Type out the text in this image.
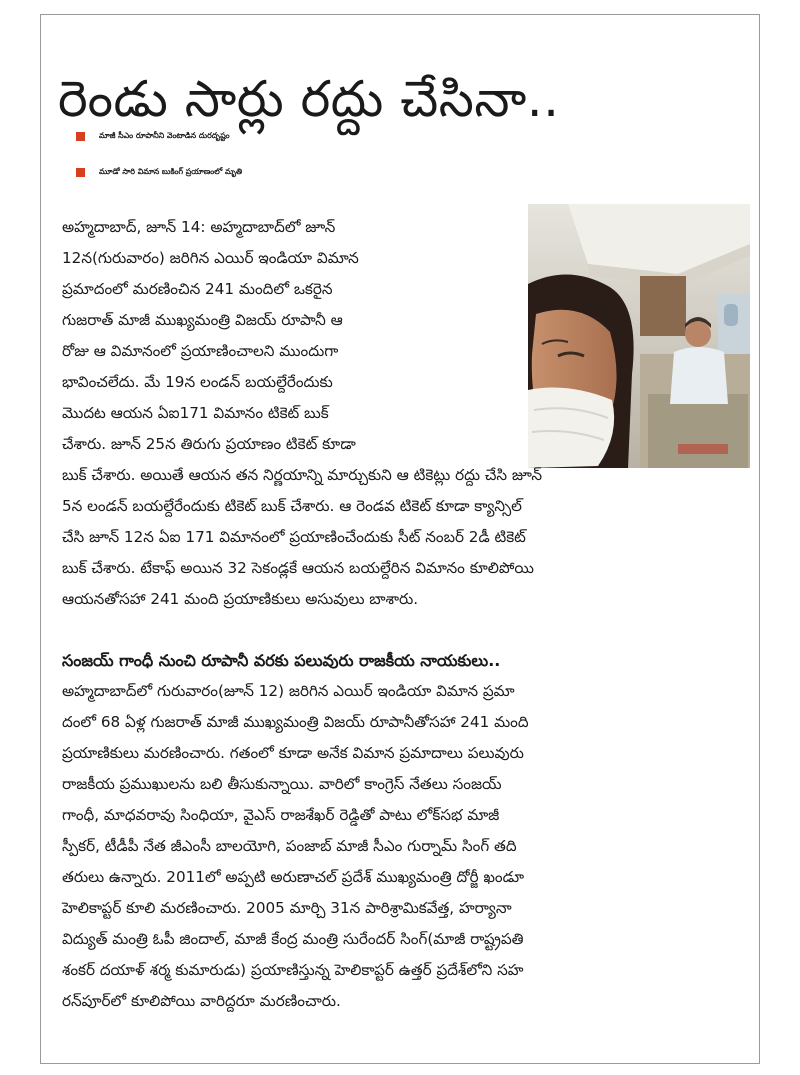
రెండు సార్లు రద్దు చేసినా..
మాజీ సీఎం రూపానీని వెంటాడిన దురదృష్టం
మూడో సారి విమాన బుకింగ్ ప్రయాణంలో మృతి
అహ్మదాబాద్, జూన్ 14: అహ్మదాబాద్‌లో జూన్
12న(గురువారం) జరిగిన ఎయిర్ ఇండియా విమాన
ప్రమాదంలో మరణించిన 241 మందిలో ఒకరైన
గుజరాత్ మాజీ ముఖ్యమంత్రి విజయ్ రూపానీ ఆ
రోజు ఆ విమానంలో ప్రయాణించాలని ముందుగా
భావించలేదు. మే 19న లండన్ బయల్దేరేందుకు
మొదట ఆయన ఏఐ171 విమానం టికెట్ బుక్
చేశారు. జూన్ 25న తిరుగు ప్రయాణం టికెట్ కూడా
బుక్ చేశారు. అయితే ఆయన తన నిర్ణయాన్ని మార్చుకుని ఆ టికెట్లు రద్దు చేసి జూన్
5న లండన్ బయల్దేరేందుకు టికెట్ బుక్ చేశారు. ఆ రెండవ టికెట్ కూడా క్యాన్సిల్
చేసి జూన్ 12న ఏఐ 171 విమానంలో ప్రయాణించేందుకు సీట్ నంబర్ 2డీ టికెట్
బుక్ చేశారు. టేకాఫ్ అయిన 32 సెకండ్లకే ఆయన బయల్దేరిన విమానం కూలిపోయి
ఆయనతోసహా 241 మంది ప్రయాణికులు అసువులు బాశారు.
సంజయ్ గాంధీ నుంచి రూపానీ వరకు పలువురు రాజకీయ నాయకులు..
అహ్మదాబాద్‌లో గురువారం(జూన్ 12) జరిగిన ఎయిర్ ఇండియా విమాన ప్రమా
దంలో 68 ఏళ్ల గుజరాత్ మాజీ ముఖ్యమంత్రి విజయ్ రూపానీతోసహా 241 మంది
ప్రయాణికులు మరణించారు. గతంలో కూడా అనేక విమాన ప్రమాదాలు పలువురు
రాజకీయ ప్రముఖులను బలి తీసుకున్నాయి. వారిలో కాంగ్రెస్ నేతలు సంజయ్
గాంధీ, మాధవరావు సింధియా, వైఎస్ రాజశేఖర్ రెడ్డితో పాటు లోక్‌సభ మాజీ
స్పీకర్, టీడీపీ నేత జీఎంసీ బాలయోగి, పంజాబ్ మాజీ సీఎం గుర్నామ్ సింగ్ తది
తరులు ఉన్నారు. 2011లో అప్పటి అరుణాచల్ ప్రదేశ్ ముఖ్యమంత్రి దోర్జీ ఖండూ
హెలికాప్టర్ కూలి మరణించారు. 2005 మార్చి 31న పారిశ్రామికవేత్త, హర్యానా
విద్యుత్ మంత్రి ఓపీ జిందాల్, మాజీ కేంద్ర మంత్రి సురేందర్ సింగ్(మాజీ రాష్ట్రపతి
శంకర్ దయాళ్ శర్మ కుమారుడు) ప్రయాణిస్తున్న హెలికాప్టర్ ఉత్తర్ ప్రదేశ్‌లోని సహ
రన్‌పూర్‌లో కూలిపోయి వారిద్దరూ మరణించారు.
